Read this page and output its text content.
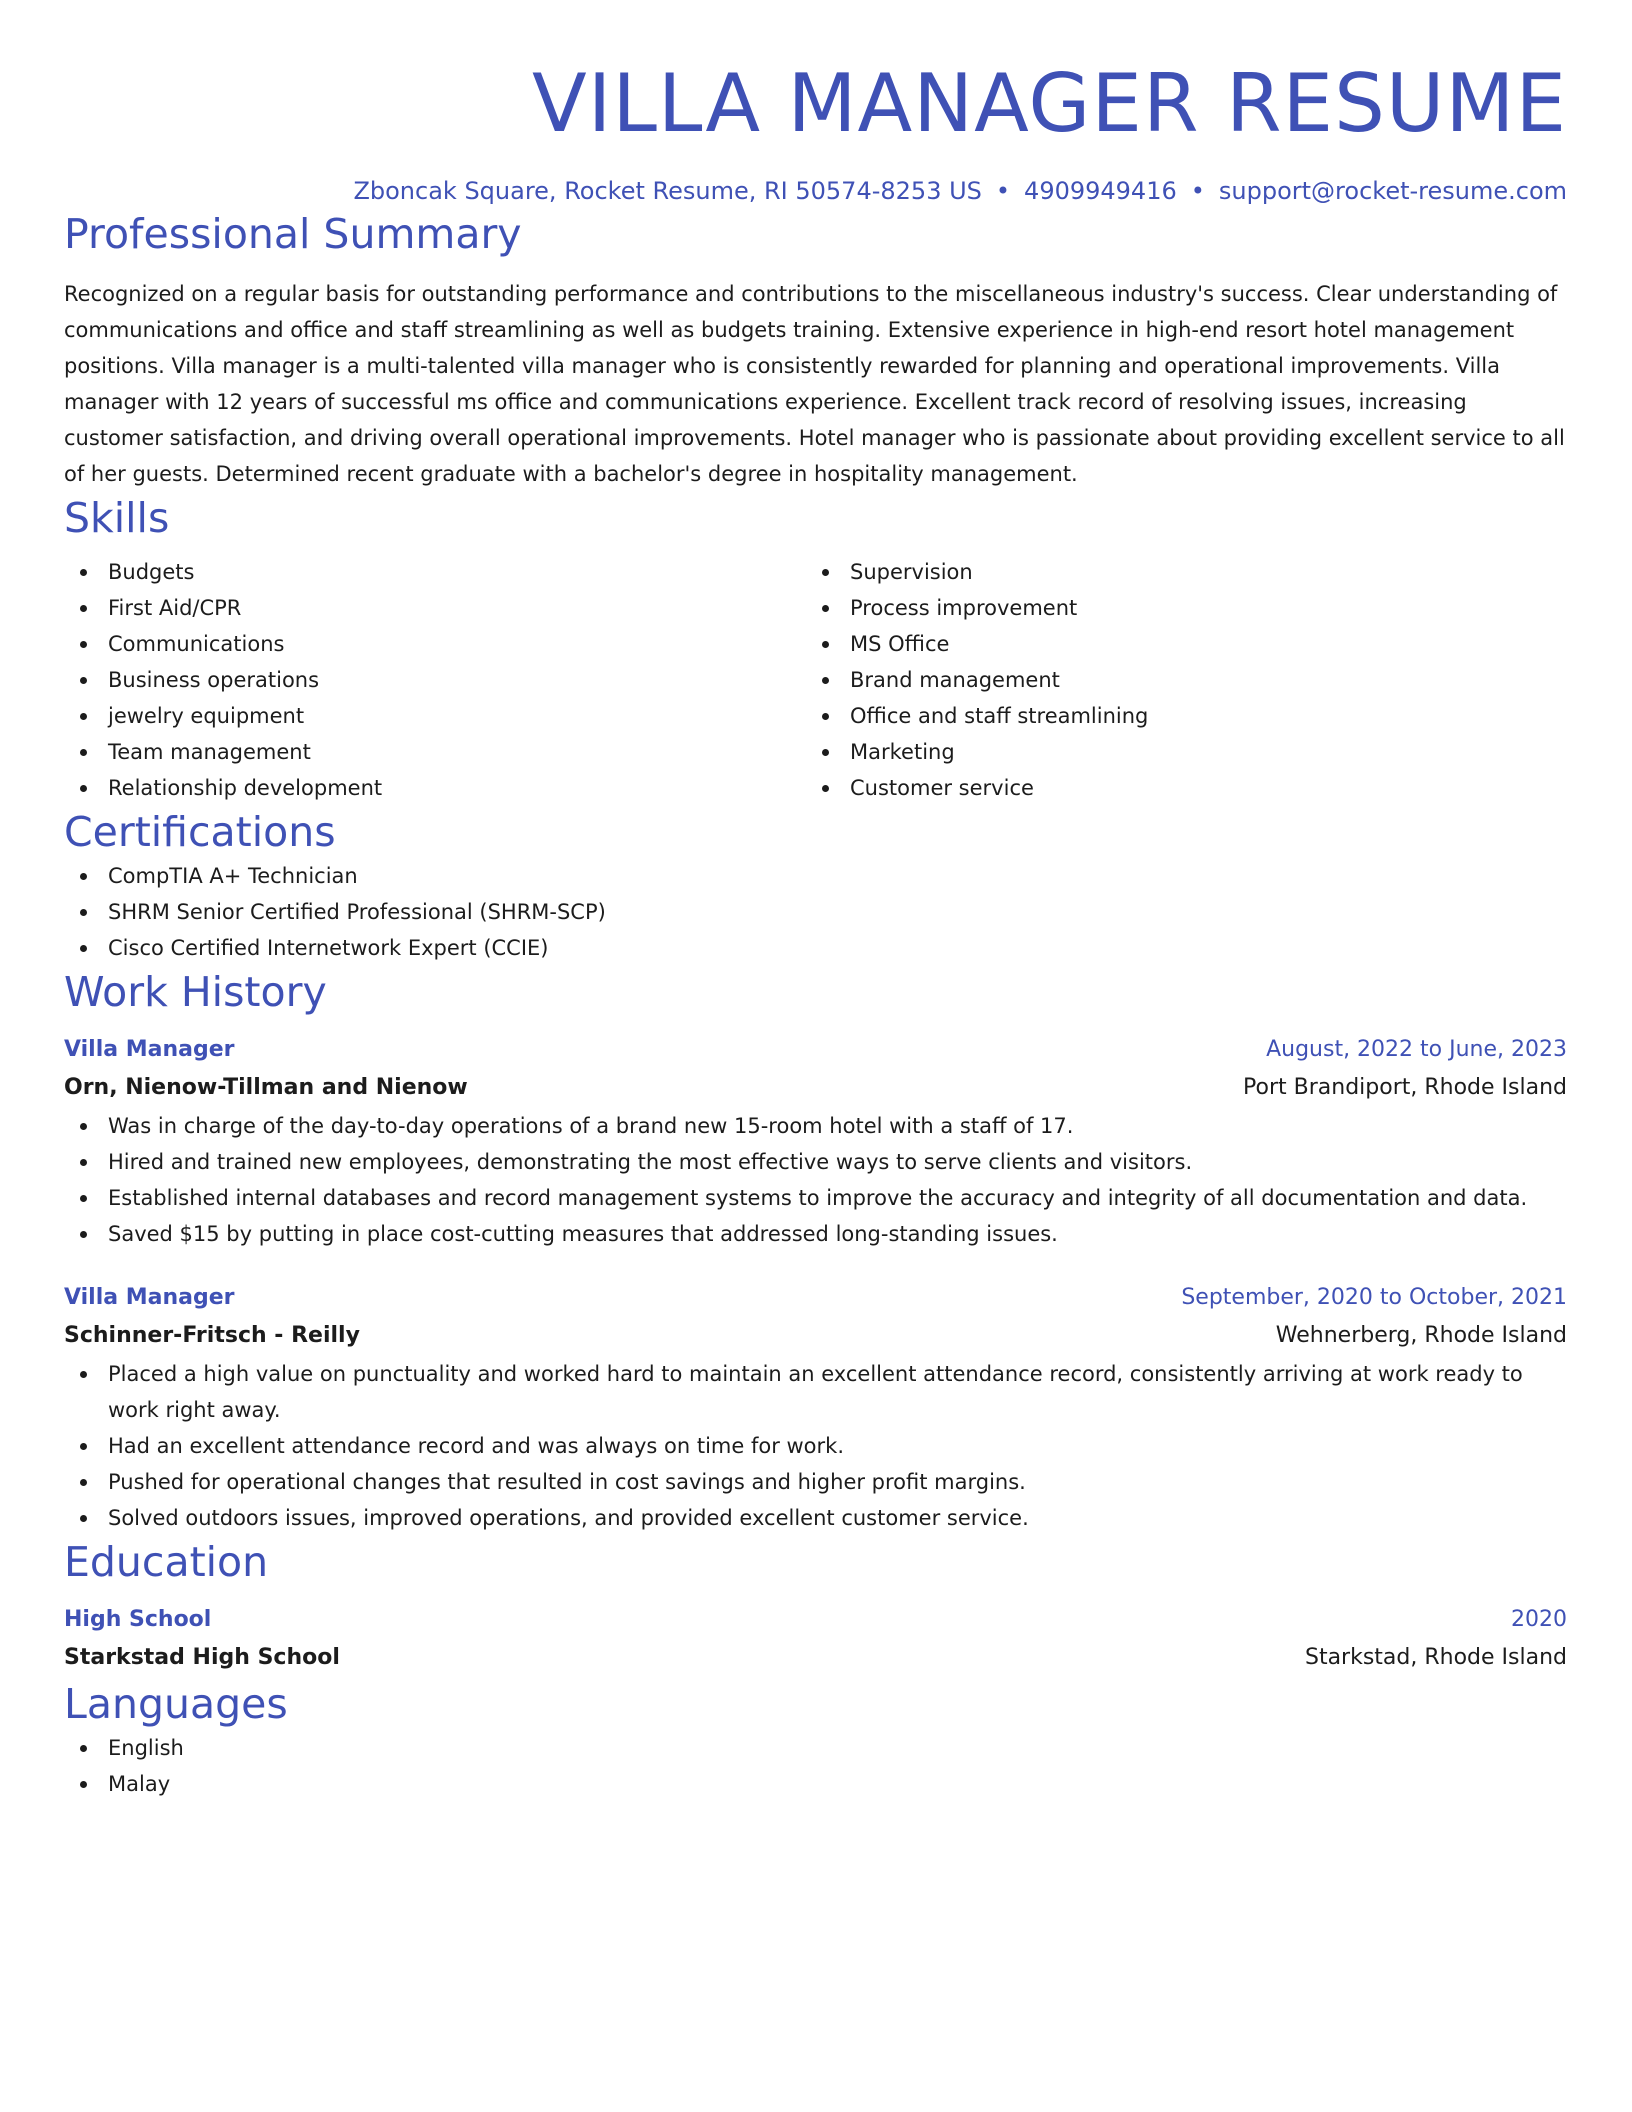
VILLA MANAGER RESUME
Zboncak Square, Rocket Resume, RI 50574-8253 US • 4909949416 • support@rocket-resume.com
Professional Summary
Recognized on a regular basis for outstanding performance and contributions to the miscellaneous industry's success. Clear understanding of communications and office and staff streamlining as well as budgets training. Extensive experience in high-end resort hotel management positions. Villa manager is a multi-talented villa manager who is consistently rewarded for planning and operational improvements. Villa manager with 12 years of successful ms office and communications experience. Excellent track record of resolving issues, increasing customer satisfaction, and driving overall operational improvements. Hotel manager who is passionate about providing excellent service to all of her guests. Determined recent graduate with a bachelor's degree in hospitality management.
Skills
Budgets
First Aid/CPR
Communications
Business operations
jewelry equipment
Team management
Relationship development
Supervision
Process improvement
MS Office
Brand management
Office and staff streamlining
Marketing
Customer service
Certifications
CompTIA A+ Technician
SHRM Senior Certified Professional (SHRM-SCP)
Cisco Certified Internetwork Expert (CCIE)
Work History
Villa Manager	August, 2022 to June, 2023
Orn, Nienow-Tillman and Nienow	Port Brandiport, Rhode Island
Was in charge of the day-to-day operations of a brand new 15-room hotel with a staff of 17.
Hired and trained new employees, demonstrating the most effective ways to serve clients and visitors.
Established internal databases and record management systems to improve the accuracy and integrity of all documentation and data.
Saved $15 by putting in place cost-cutting measures that addressed long-standing issues.
Villa Manager	September, 2020 to October, 2021
Schinner-Fritsch - Reilly	Wehnerberg, Rhode Island
Placed a high value on punctuality and worked hard to maintain an excellent attendance record, consistently arriving at work ready to work right away.
Had an excellent attendance record and was always on time for work.
Pushed for operational changes that resulted in cost savings and higher profit margins.
Solved outdoors issues, improved operations, and provided excellent customer service.
Education
High School	2020
Starkstad High School	Starkstad, Rhode Island
Languages
English
Malay
